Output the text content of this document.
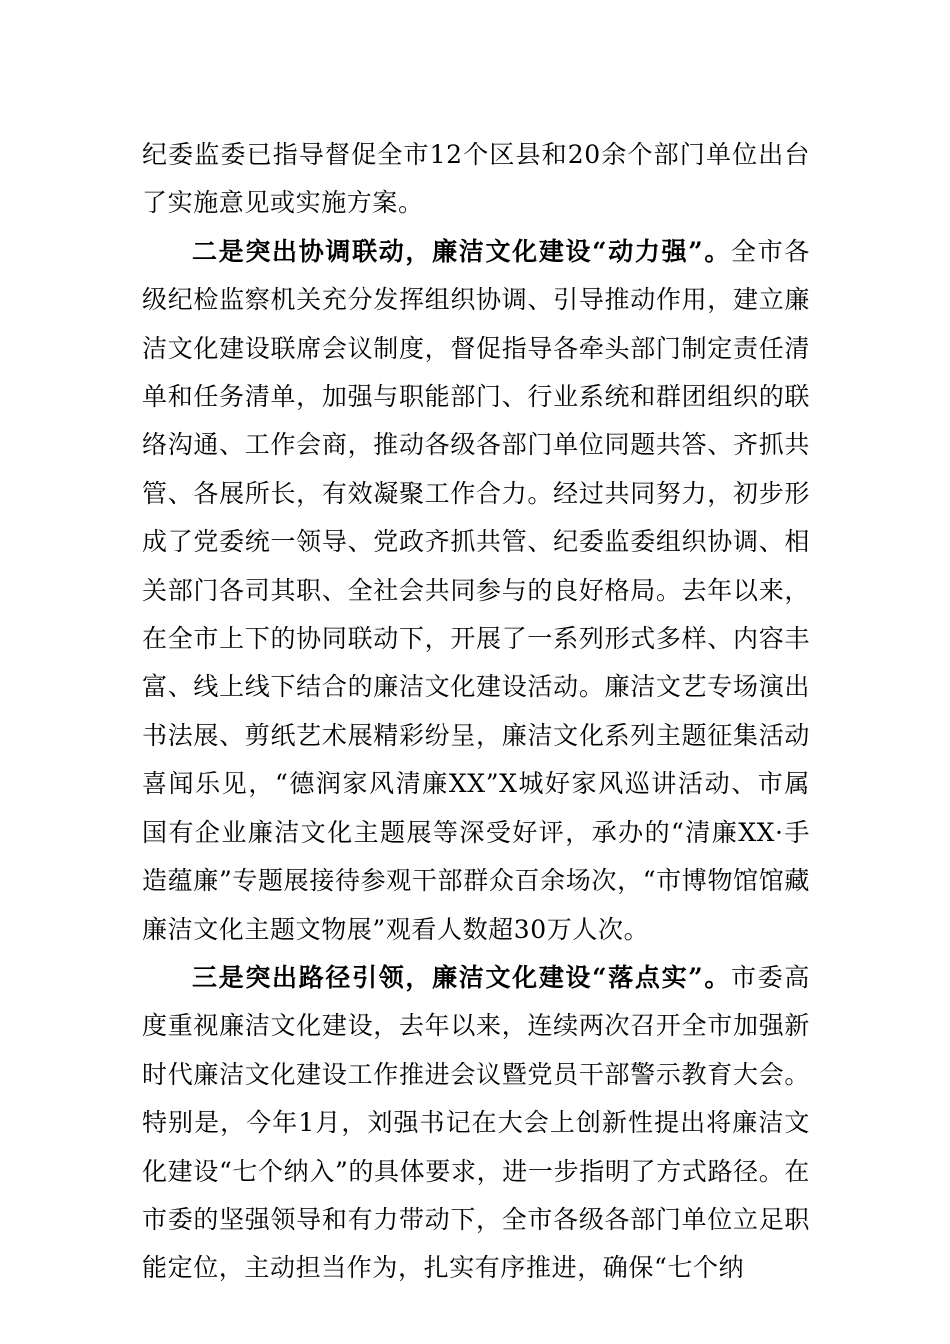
纪委监委已指导督促全市12个区县和20余个部门单位出台了实施意见或实施方案。

二是突出协调联动，廉洁文化建设“动力强”。全市各级纪检监察机关充分发挥组织协调、引导推动作用，建立廉洁文化建设联席会议制度，督促指导各牵头部门制定责任清单和任务清单，加强与职能部门、行业系统和群团组织的联络沟通、工作会商，推动各级各部门单位同题共答、齐抓共管、各展所长，有效凝聚工作合力。经过共同努力，初步形成了党委统一领导、党政齐抓共管、纪委监委组织协调、相关部门各司其职、全社会共同参与的良好格局。去年以来，在全市上下的协同联动下，开展了一系列形式多样、内容丰富、线上线下结合的廉洁文化建设活动。廉洁文艺专场演出书法展、剪纸艺术展精彩纷呈，廉洁文化系列主题征集活动喜闻乐见，“德润家风清廉XX”X城好家风巡讲活动、市属国有企业廉洁文化主题展等深受好评，承办的“清廉XX·手造蕴廉”专题展接待参观干部群众百余场次，“市博物馆馆藏廉洁文化主题文物展”观看人数超30万人次。

三是突出路径引领，廉洁文化建设“落点实”。市委高度重视廉洁文化建设，去年以来，连续两次召开全市加强新时代廉洁文化建设工作推进会议暨党员干部警示教育大会。特别是，今年1月，刘强书记在大会上创新性提出将廉洁文化建设“七个纳入”的具体要求，进一步指明了方式路径。在市委的坚强领导和有力带动下，全市各级各部门单位立足职能定位，主动担当作为，扎实有序推进，确保“七个纳
